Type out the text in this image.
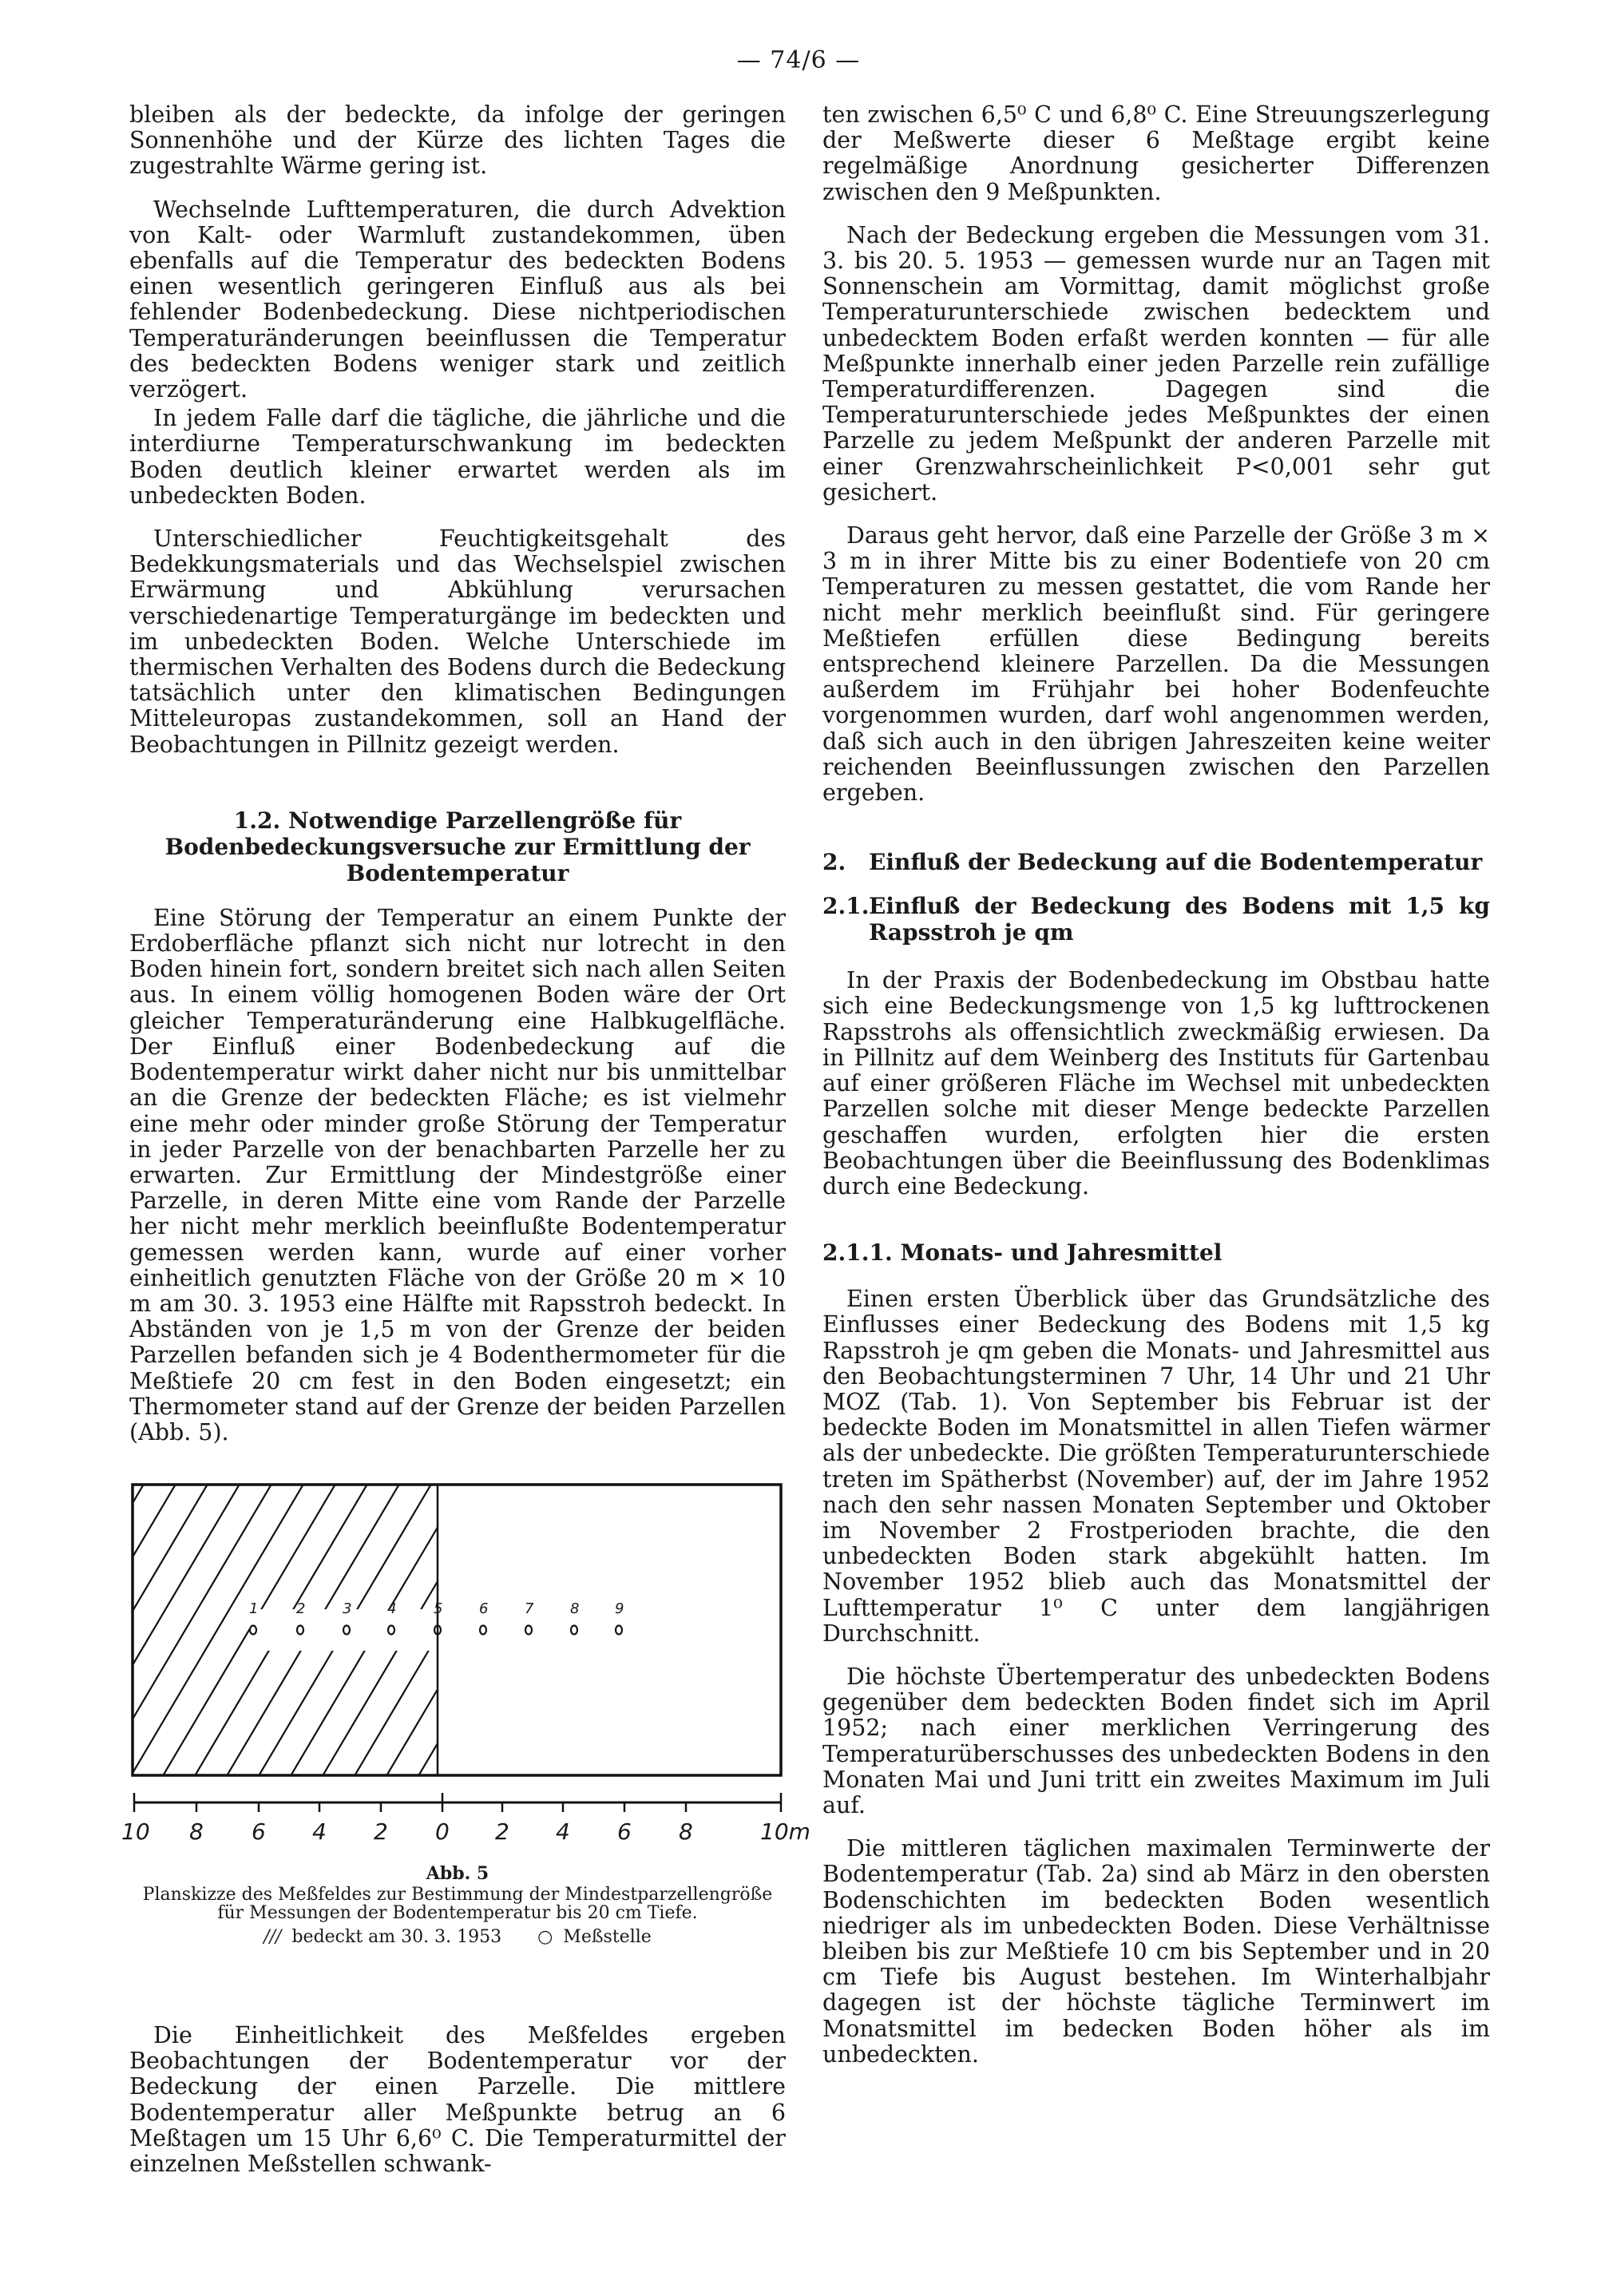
— 74/6 —

bleiben als der bedeckte, da infolge der geringen Sonnenhöhe und der Kürze des lichten Tages die zugestrahlte Wärme gering ist.

Wechselnde Lufttemperaturen, die durch Advektion von Kalt- oder Warmluft zustandekommen, üben ebenfalls auf die Temperatur des bedeckten Bodens einen wesentlich geringeren Einfluß aus als bei fehlender Bodenbedeckung. Diese nichtperiodischen Temperaturänderungen beeinflussen die Temperatur des bedeckten Bodens weniger stark und zeitlich verzögert.

In jedem Falle darf die tägliche, die jährliche und die interdiurne Temperaturschwankung im bedeckten Boden deutlich kleiner erwartet werden als im unbedeckten Boden.

Unterschiedlicher Feuchtigkeitsgehalt des Bedekkungsmaterials und das Wechselspiel zwischen Erwärmung und Abkühlung verursachen verschiedenartige Temperaturgänge im bedeckten und im unbedeckten Boden. Welche Unterschiede im thermischen Verhalten des Bodens durch die Bedeckung tatsächlich unter den klimatischen Bedingungen Mitteleuropas zustandekommen, soll an Hand der Beobachtungen in Pillnitz gezeigt werden.

1.2. Notwendige Parzellengröße für Bodenbedeckungsversuche zur Ermittlung der Bodentemperatur

Eine Störung der Temperatur an einem Punkte der Erdoberfläche pflanzt sich nicht nur lotrecht in den Boden hinein fort, sondern breitet sich nach allen Seiten aus. In einem völlig homogenen Boden wäre der Ort gleicher Temperaturänderung eine Halbkugelfläche. Der Einfluß einer Bodenbedeckung auf die Bodentemperatur wirkt daher nicht nur bis unmittelbar an die Grenze der bedeckten Fläche; es ist vielmehr eine mehr oder minder große Störung der Temperatur in jeder Parzelle von der benachbarten Parzelle her zu erwarten. Zur Ermittlung der Mindestgröße einer Parzelle, in deren Mitte eine vom Rande der Parzelle her nicht mehr merklich beeinflußte Bodentemperatur gemessen werden kann, wurde auf einer vorher einheitlich genutzten Fläche von der Größe 20 m × 10 m am 30. 3. 1953 eine Hälfte mit Rapsstroh bedeckt. In Abständen von je 1,5 m von der Grenze der beiden Parzellen befanden sich je 4 Bodenthermometer für die Meßtiefe 20 cm fest in den Boden eingesetzt; ein Thermometer stand auf der Grenze der beiden Parzellen (Abb. 5).

1	2	3 4	5	6	7	8 9
10 8 6 4 2 0 2 4 6 8	10m
Abb. 5
Planskizze des Meßfeldes zur Bestimmung der Mindestparzellengröße für Messungen der Bodentemperatur bis 20 cm Tiefe.
/// bedeckt am 30. 3. 1953 ○ Meßstelle

Die Einheitlichkeit des Meßfeldes ergeben Beobachtungen der Bodentemperatur vor der Bedeckung der einen Parzelle. Die mittlere Bodentemperatur aller Meßpunkte betrug an 6 Meßtagen um 15 Uhr 6,6⁰ C. Die Temperaturmittel der einzelnen Meßstellen schwank-

ten zwischen 6,5⁰ C und 6,8⁰ C. Eine Streuungszerlegung der Meßwerte dieser 6 Meßtage ergibt keine regelmäßige Anordnung gesicherter Differenzen zwischen den 9 Meßpunkten.

Nach der Bedeckung ergeben die Messungen vom 31. 3. bis 20. 5. 1953 — gemessen wurde nur an Tagen mit Sonnenschein am Vormittag, damit möglichst große Temperaturunterschiede zwischen bedecktem und unbedecktem Boden erfaßt werden konnten — für alle Meßpunkte innerhalb einer jeden Parzelle rein zufällige Temperaturdifferenzen. Dagegen sind die Temperaturunterschiede jedes Meßpunktes der einen Parzelle zu jedem Meßpunkt der anderen Parzelle mit einer Grenzwahrscheinlichkeit P<0,001 sehr gut gesichert.

Daraus geht hervor, daß eine Parzelle der Größe 3 m × 3 m in ihrer Mitte bis zu einer Bodentiefe von 20 cm Temperaturen zu messen gestattet, die vom Rande her nicht mehr merklich beeinflußt sind. Für geringere Meßtiefen erfüllen diese Bedingung bereits entsprechend kleinere Parzellen. Da die Messungen außerdem im Frühjahr bei hoher Bodenfeuchte vorgenommen wurden, darf wohl angenommen werden, daß sich auch in den übrigen Jahreszeiten keine weiter reichenden Beeinflussungen zwischen den Parzellen ergeben.

2.	Einfluß der Bedeckung auf die Bodentemperatur
2.1. Einfluß der Bedeckung des Bodens mit 1,5 kg Rapsstroh je qm

In der Praxis der Bodenbedeckung im Obstbau hatte sich eine Bedeckungsmenge von 1,5 kg lufttrockenen Rapsstrohs als offensichtlich zweckmäßig erwiesen. Da in Pillnitz auf dem Weinberg des Instituts für Gartenbau auf einer größeren Fläche im Wechsel mit unbedeckten Parzellen solche mit dieser Menge bedeckte Parzellen geschaffen wurden, erfolgten hier die ersten Beobachtungen über die Beeinflussung des Bodenklimas durch eine Bedeckung.

2.1.1. Monats- und Jahresmittel

Einen ersten Überblick über das Grundsätzliche des Einflusses einer Bedeckung des Bodens mit 1,5 kg Rapsstroh je qm geben die Monats- und Jahresmittel aus den Beobachtungsterminen 7 Uhr, 14 Uhr und 21 Uhr MOZ (Tab. 1). Von September bis Februar ist der bedeckte Boden im Monatsmittel in allen Tiefen wärmer als der unbedeckte. Die größten Temperaturunterschiede treten im Spätherbst (November) auf, der im Jahre 1952 nach den sehr nassen Monaten September und Oktober im November 2 Frostperioden brachte, die den unbedeckten Boden stark abgekühlt hatten. Im November 1952 blieb auch das Monatsmittel der Lufttemperatur 1⁰ C unter dem langjährigen Durchschnitt.

Die höchste Übertemperatur des unbedeckten Bodens gegenüber dem bedeckten Boden findet sich im April 1952; nach einer merklichen Verringerung des Temperaturüberschusses des unbedeckten Bodens in den Monaten Mai und Juni tritt ein zweites Maximum im Juli auf.

Die mittleren täglichen maximalen Terminwerte der Bodentemperatur (Tab. 2a) sind ab März in den obersten Bodenschichten im bedeckten Boden wesentlich niedriger als im unbedeckten Boden. Diese Verhältnisse bleiben bis zur Meßtiefe 10 cm bis September und in 20 cm Tiefe bis August bestehen. Im Winterhalbjahr dagegen ist der höchste tägliche Terminwert im Monatsmittel im bedecken Boden höher als im unbedeckten.
